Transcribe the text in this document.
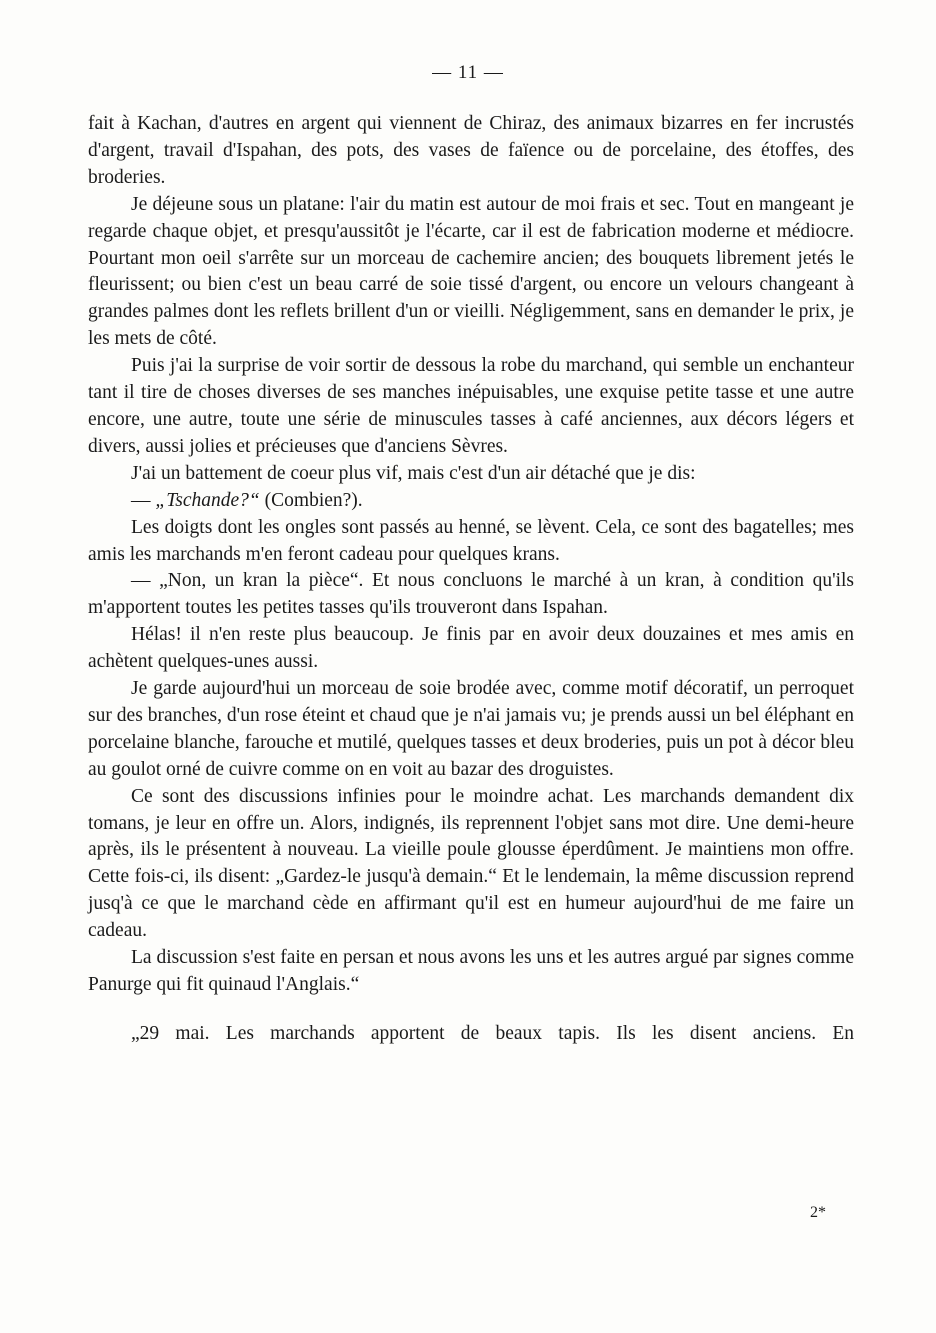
— 11 —

fait à Kachan, d'autres en argent qui viennent de Chiraz, des animaux bizarres en fer incrustés d'argent, travail d'Ispahan, des pots, des vases de faïence ou de porcelaine, des étoffes, des broderies.

Je déjeune sous un platane: l'air du matin est autour de moi frais et sec. Tout en mangeant je regarde chaque objet, et presqu'aussitôt je l'écarte, car il est de fabrication moderne et médiocre. Pourtant mon oeil s'arrête sur un morceau de cachemire ancien; des bouquets librement jetés le fleurissent; ou bien c'est un beau carré de soie tissé d'argent, ou encore un velours changeant à grandes palmes dont les reflets brillent d'un or vieilli. Négligemment, sans en demander le prix, je les mets de côté.

Puis j'ai la surprise de voir sortir de dessous la robe du marchand, qui semble un enchanteur tant il tire de choses diverses de ses manches inépuisables, une exquise petite tasse et une autre encore, une autre, toute une série de minuscules tasses à café anciennes, aux décors légers et divers, aussi jolies et précieuses que d'anciens Sèvres.

J'ai un battement de coeur plus vif, mais c'est d'un air détaché que je dis:

— „Tschande?“ (Combien?).

Les doigts dont les ongles sont passés au henné, se lèvent. Cela, ce sont des bagatelles; mes amis les marchands m'en feront cadeau pour quelques krans.

— „Non, un kran la pièce“. Et nous concluons le marché à un kran, à condition qu'ils m'apportent toutes les petites tasses qu'ils trouveront dans Ispahan.

Hélas! il n'en reste plus beaucoup. Je finis par en avoir deux douzaines et mes amis en achètent quelques-unes aussi.

Je garde aujourd'hui un morceau de soie brodée avec, comme motif décoratif, un perroquet sur des branches, d'un rose éteint et chaud que je n'ai jamais vu; je prends aussi un bel éléphant en porcelaine blanche, farouche et mutilé, quelques tasses et deux broderies, puis un pot à décor bleu au goulot orné de cuivre comme on en voit au bazar des droguistes.

Ce sont des discussions infinies pour le moindre achat. Les marchands demandent dix tomans, je leur en offre un. Alors, indignés, ils reprennent l'objet sans mot dire. Une demi-heure après, ils le présentent à nouveau. La vieille poule glousse éperdûment. Je maintiens mon offre. Cette fois-ci, ils disent: „Gardez-le jusqu'à demain.“ Et le lendemain, la même discussion reprend jusq'à ce que le marchand cède en affirmant qu'il est en humeur aujourd'hui de me faire un cadeau.

La discussion s'est faite en persan et nous avons les uns et les autres argué par signes comme Panurge qui fit quinaud l'Anglais.“

„29 mai. Les marchands apportent de beaux tapis. Ils les disent anciens. En

2*
